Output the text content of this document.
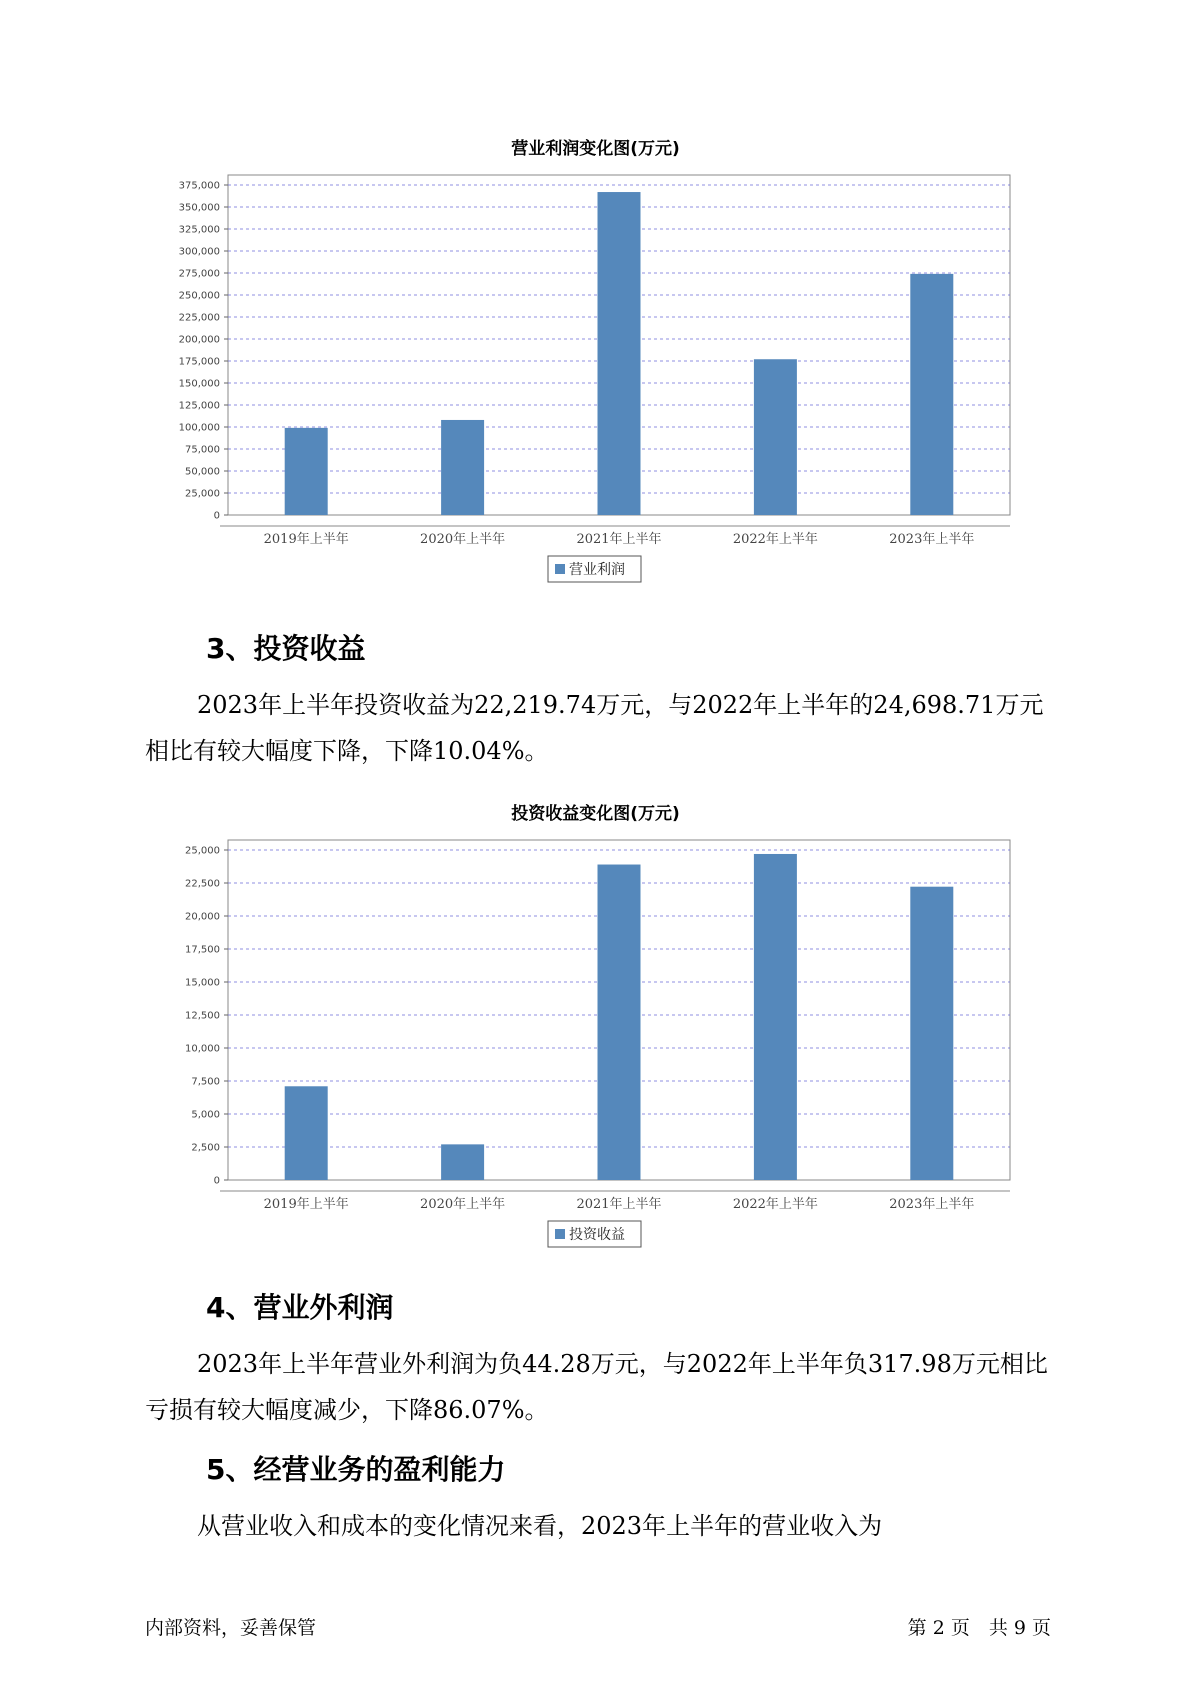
营业利润变化图(万元)
0
25,000
50,000
75,000
100,000
125,000
150,000
175,000
200,000
225,000
250,000
275,000
300,000
325,000
350,000
375,000
2019年上半年	2020年上半年	2021年上半年	2022年上半年	2023年上半年
营业利润
3、投资收益

2023年上半年投资收益为22,219.74万元，与2022年上半年的24,698.71万元相比有较大幅度下降，下降10.04%。

投资收益变化图(万元)
0
2,500
5,000
7,500
10,000
12,500
15,000
17,500
20,000
22,500
25,000
2019年上半年	2020年上半年	2021年上半年	2022年上半年	2023年上半年
投资收益
4、营业外利润

2023年上半年营业外利润为负44.28万元，与2022年上半年负317.98万元相比亏损有较大幅度减少，下降86.07%。

5、经营业务的盈利能力

从营业收入和成本的变化情况来看，2023年上半年的营业收入为

内部资料，妥善保管	第 2 页　共 9 页
